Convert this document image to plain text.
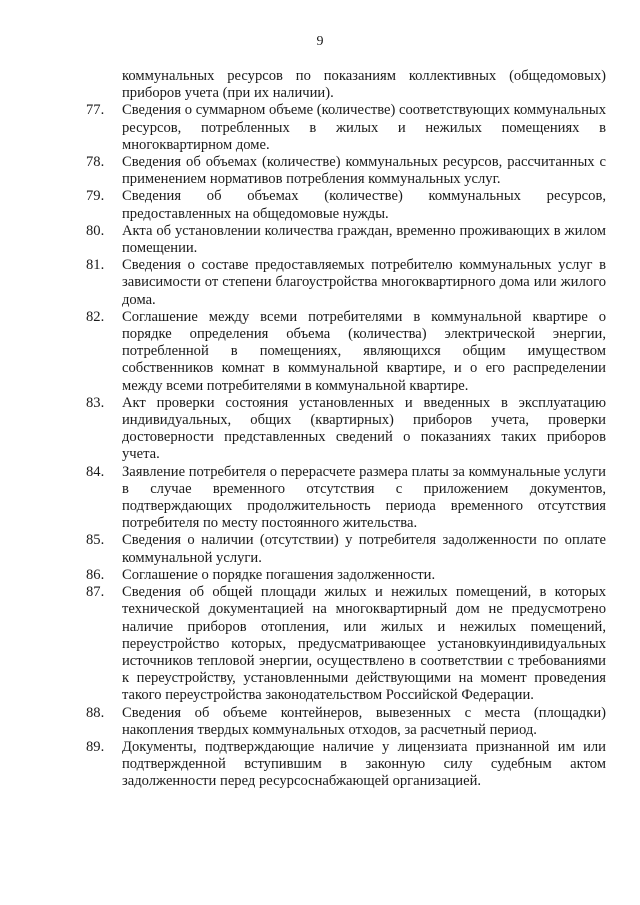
9

коммунальных ресурсов по показаниям коллективных (общедомовых) приборов учета (при их наличии).

77.	Сведения о суммарном объеме (количестве) соответствующих коммунальных ресурсов, потребленных в жилых и нежилых помещениях в многоквартирном доме.

78.	Сведения об объемах (количестве) коммунальных ресурсов, рассчитанных с применением нормативов потребления коммунальных услуг.

79.	Сведения об объемах (количестве) коммунальных ресурсов, предоставленных на общедомовые нужды.

80.	Акта об установлении количества граждан, временно проживающих в жилом помещении.

81.	Сведения о составе предоставляемых потребителю коммунальных услуг в зависимости от степени благоустройства многоквартирного дома или жилого дома.

82.	Соглашение между всеми потребителями в коммунальной квартире о порядке определения объема (количества) электрической энергии, потребленной в помещениях, являющихся общим имуществом собственников комнат в коммунальной квартире, и о его распределении между всеми потребителями в коммунальной квартире.

83.	Акт проверки состояния установленных и введенных в эксплуатацию индивидуальных, общих (квартирных) приборов учета, проверки достоверности представленных сведений о показаниях таких приборов учета.

84.	Заявление потребителя о перерасчете размера платы за коммунальные услуги в случае временного отсутствия с приложением документов, подтверждающих продолжительность периода временного отсутствия потребителя по месту постоянного жительства.

85.	Сведения о наличии (отсутствии) у потребителя задолженности по оплате коммунальной услуги.

86.	Соглашение о порядке погашения задолженности.

87.	Сведения об общей площади жилых и нежилых помещений, в которых технической документацией на многоквартирный дом не предусмотрено наличие приборов отопления, или жилых и нежилых помещений, переустройство которых, предусматривающее установкуиндивидуальных источников тепловой энергии, осуществлено в соответствии с требованиями к переустройству, установленными действующими на момент проведения такого переустройства законодательством Российской Федерации.

88.	Сведения об объеме контейнеров, вывезенных с места (площадки) накопления твердых коммунальных отходов, за расчетный период.

89.	Документы, подтверждающие наличие у лицензиата признанной им или подтвержденной вступившим в законную силу судебным актом задолженности перед ресурсоснабжающей организацией.
